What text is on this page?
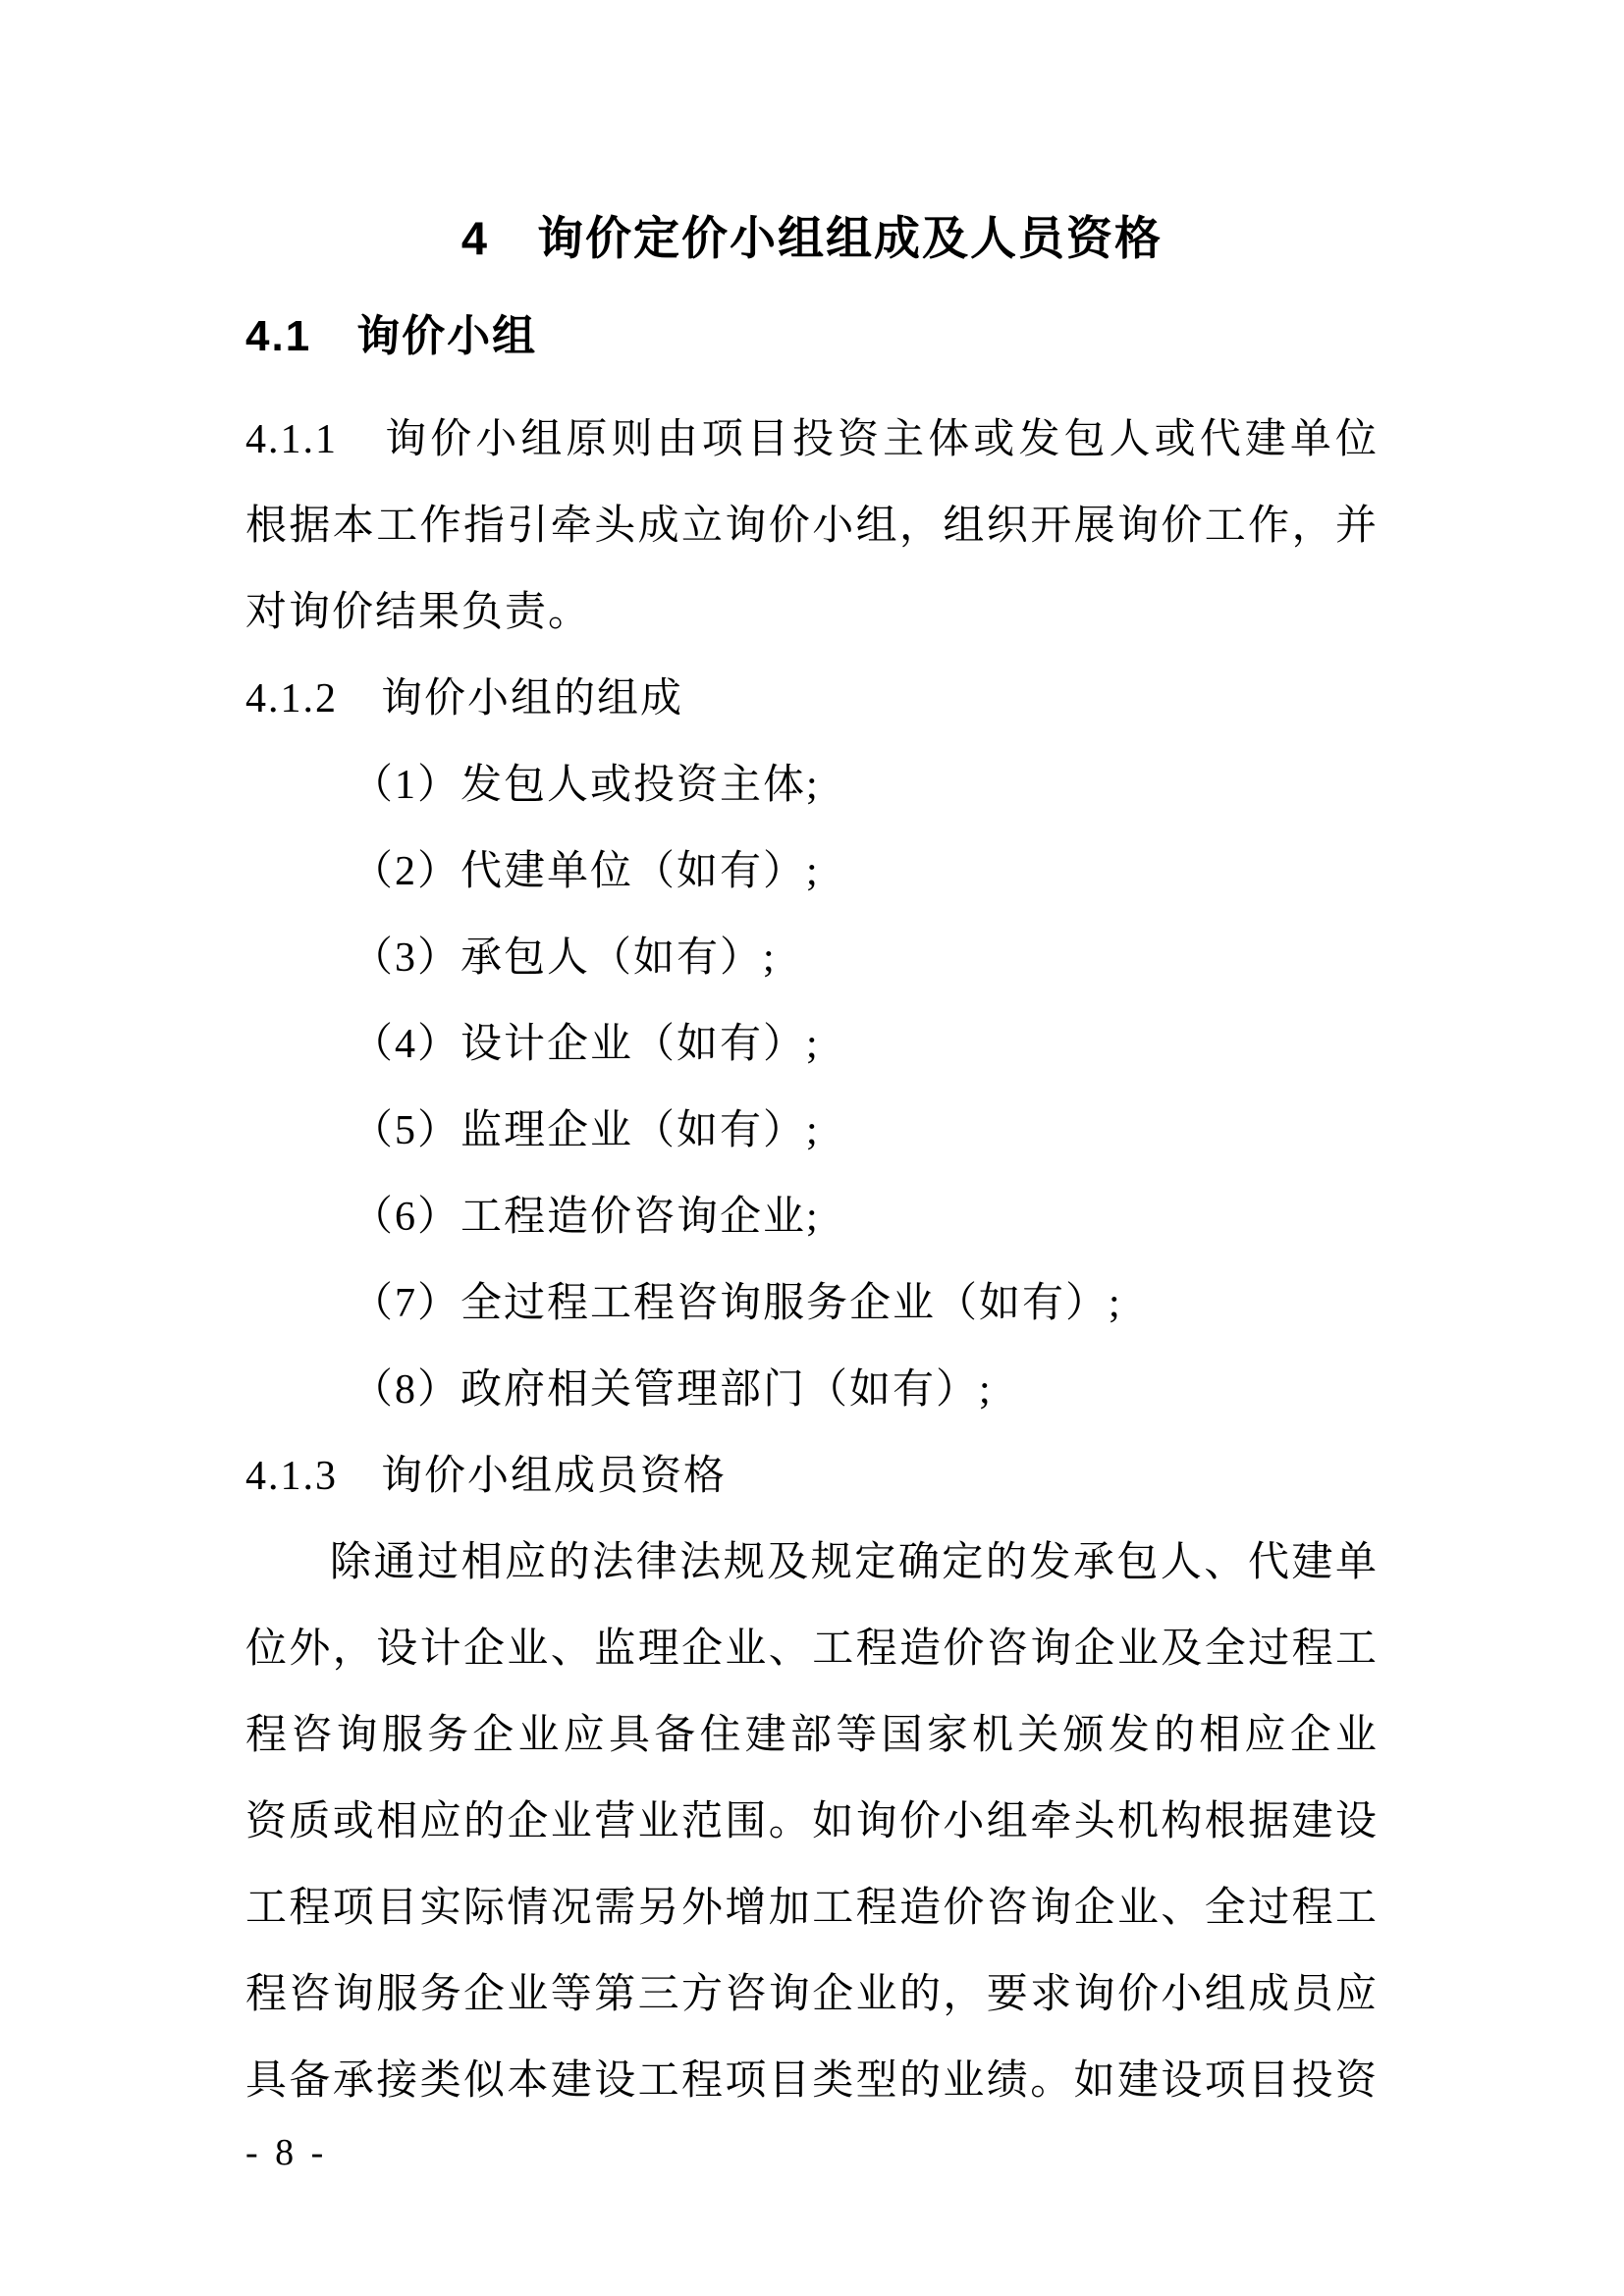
4　询价定价小组组成及人员资格
4.1　询价小组
4.1.1　询价小组原则由项目投资主体或发包人或代建单位
根据本工作指引牵头成立询价小组，组织开展询价工作，并
对询价结果负责。
4.1.2　询价小组的组成
（1）发包人或投资主体;
（2）代建单位（如有）;
（3）承包人（如有）;
（4）设计企业（如有）;
（5）监理企业（如有）;
（6）工程造价咨询企业;
（7）全过程工程咨询服务企业（如有）;
（8）政府相关管理部门（如有）;
4.1.3　询价小组成员资格
除通过相应的法律法规及规定确定的发承包人、代建单
位外，设计企业、监理企业、工程造价咨询企业及全过程工
程咨询服务企业应具备住建部等国家机关颁发的相应企业
资质或相应的企业营业范围。如询价小组牵头机构根据建设
工程项目实际情况需另外增加工程造价咨询企业、全过程工
程咨询服务企业等第三方咨询企业的，要求询价小组成员应
具备承接类似本建设工程项目类型的业绩。如建设项目投资
- 8 -
